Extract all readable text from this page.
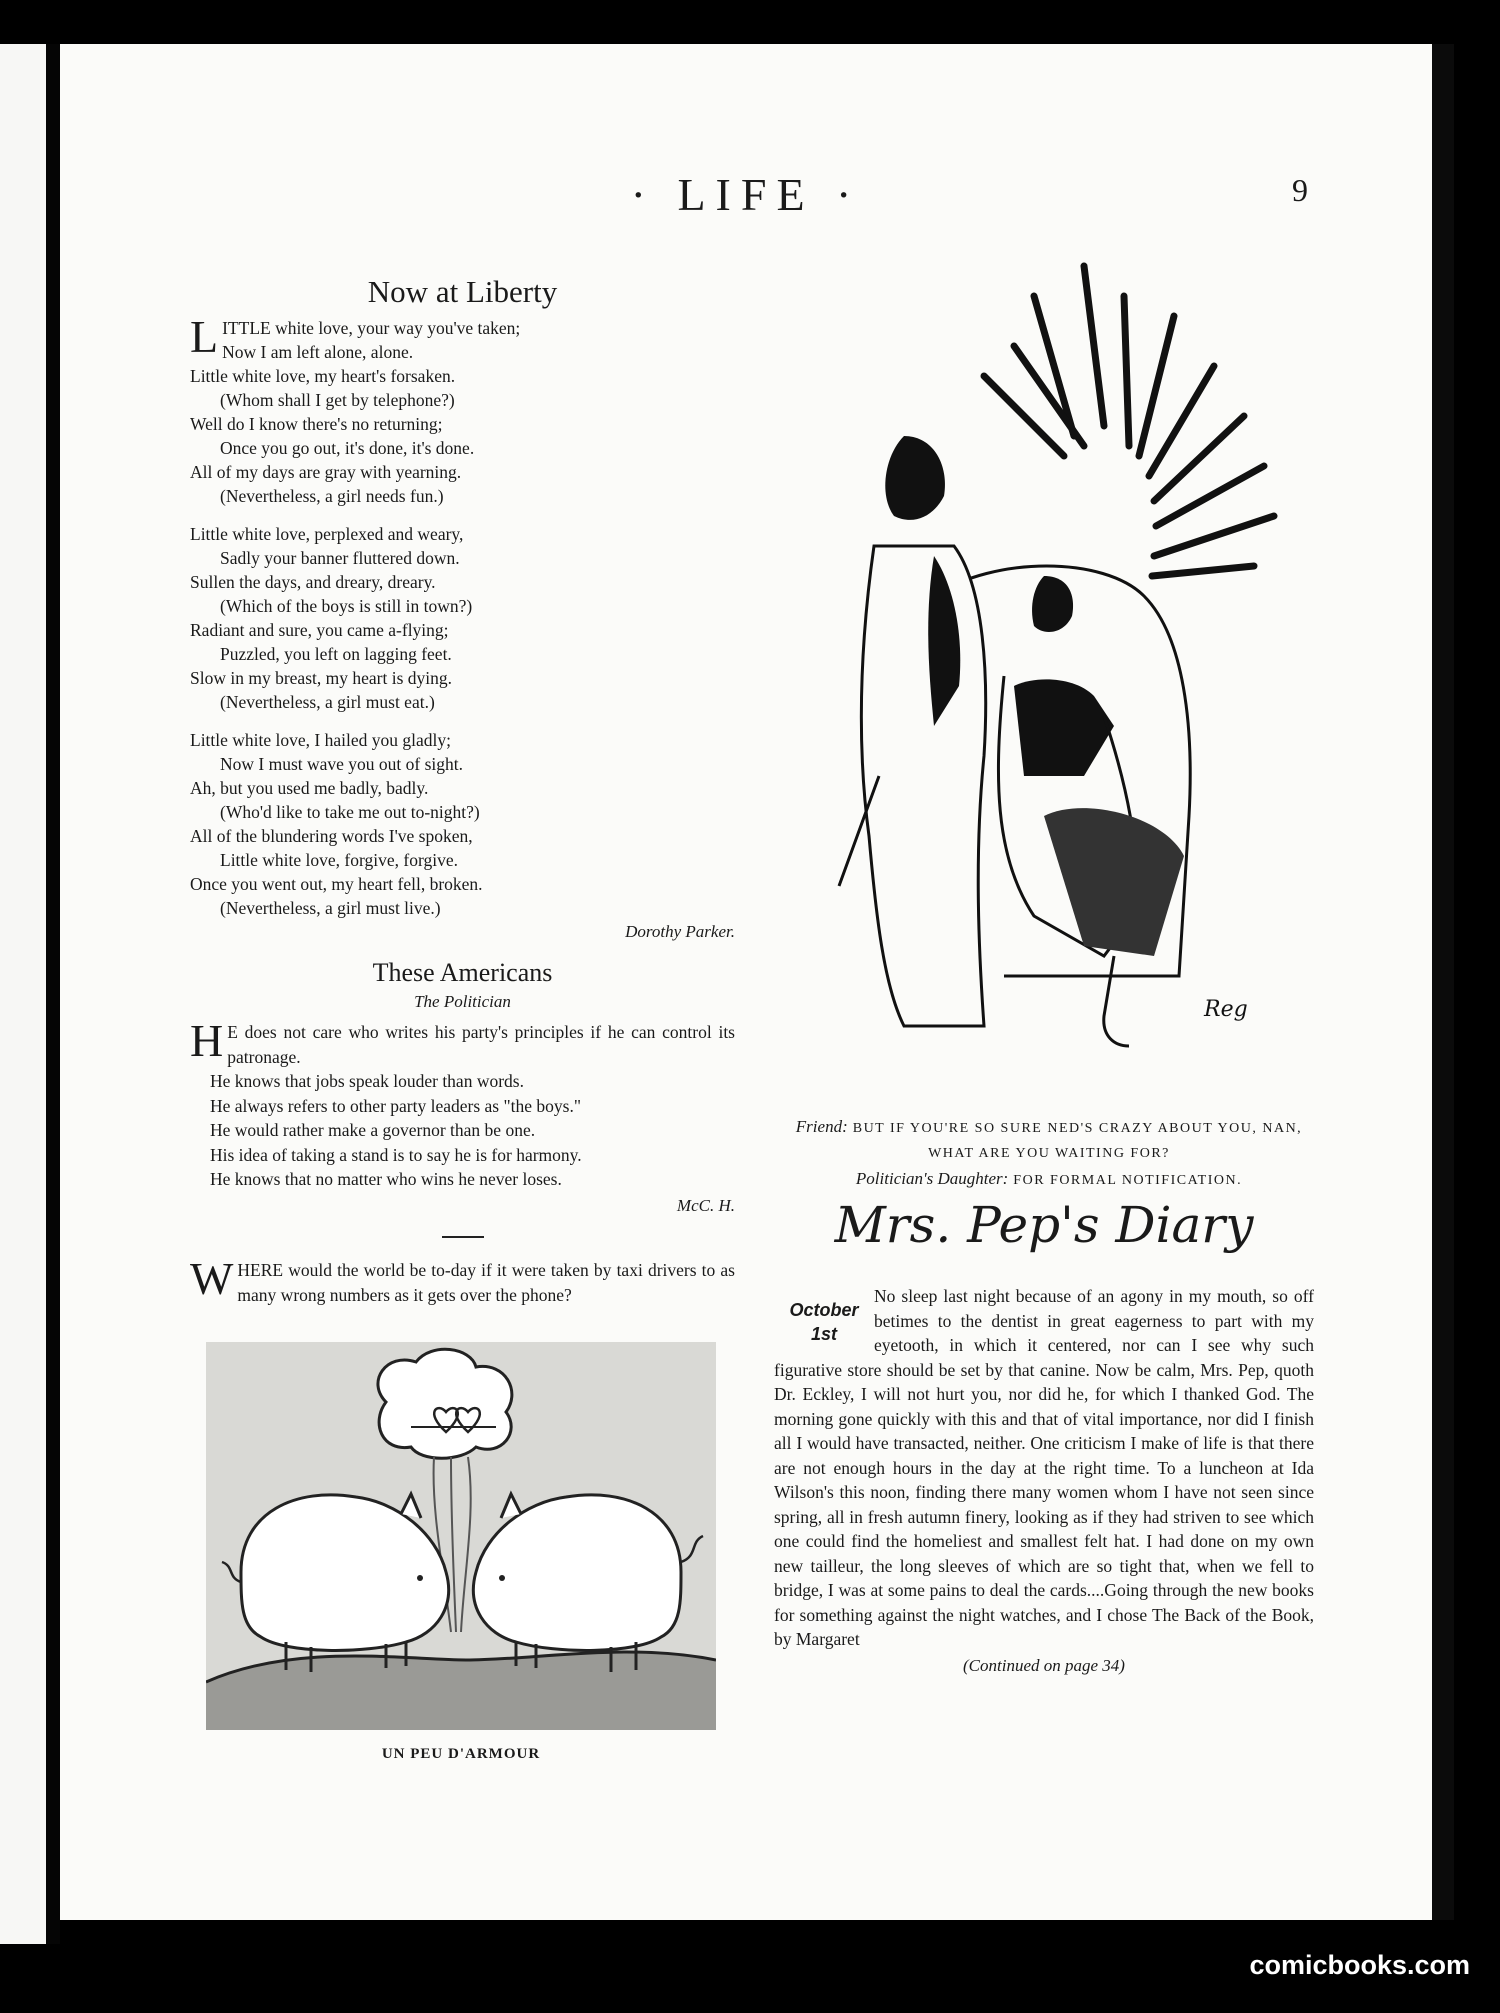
· LIFE ·	9
Now at Liberty
L ITTLE white love, your way you've taken;

Now I am left alone, alone.

Little white love, my heart's forsaken.

(Whom shall I get by telephone?)

Well do I know there's no returning;

Once you go out, it's done, it's done.

All of my days are gray with yearning.

(Nevertheless, a girl needs fun.)

Little white love, perplexed and weary,

Sadly your banner fluttered down.

Sullen the days, and dreary, dreary.

(Which of the boys is still in town?)

Radiant and sure, you came a-flying;

Puzzled, you left on lagging feet.

Slow in my breast, my heart is dying.

(Nevertheless, a girl must eat.)

Little white love, I hailed you gladly;

Now I must wave you out of sight.

Ah, but you used me badly, badly.

(Who'd like to take me out to-night?)

All of the blundering words I've spoken,

Little white love, forgive, forgive.

Once you went out, my heart fell, broken.

(Nevertheless, a girl must live.)

Dorothy Parker.
These Americans
The Politician
H E does not care who writes his party's principles if he can control its patronage.
He knows that jobs speak louder than words.
He always refers to other party leaders as "the boys."
He would rather make a governor than be one.
His idea of taking a stand is to say he is for harmony.
He knows that no matter who wins he never loses.
McC. H.
W HERE would the world be to-day if it were taken by taxi drivers to as many wrong numbers as it gets over the phone?
UN PEU D'ARMOUR
Reg
Friend: BUT IF YOU'RE SO SURE NED'S CRAZY ABOUT YOU, NAN, WHAT ARE YOU WAITING FOR?
Politician's Daughter: FOR FORMAL NOTIFICATION.
Mrs. Pep's Diary
October
1st
No sleep last night because of an agony in my mouth, so off betimes to the dentist in great eagerness to part with my eyetooth, in which it centered, nor can I see why such figurative store should be set by that canine. Now be calm, Mrs. Pep, quoth Dr. Eckley, I will not hurt you, nor did he, for which I thanked God. The morning gone quickly with this and that of vital importance, nor did I finish all I would have transacted, neither. One criticism I make of life is that there are not enough hours in the day at the right time. To a luncheon at Ida Wilson's this noon, finding there many women whom I have not seen since spring, all in fresh autumn finery, looking as if they had striven to see which one could find the homeliest and smallest felt hat. I had done on my own new tailleur, the long sleeves of which are so tight that, when we fell to bridge, I was at some pains to deal the cards....Going through the new books for something against the night watches, and I chose The Back of the Book, by Margaret
(Continued on page 34)
comicbooks.com
